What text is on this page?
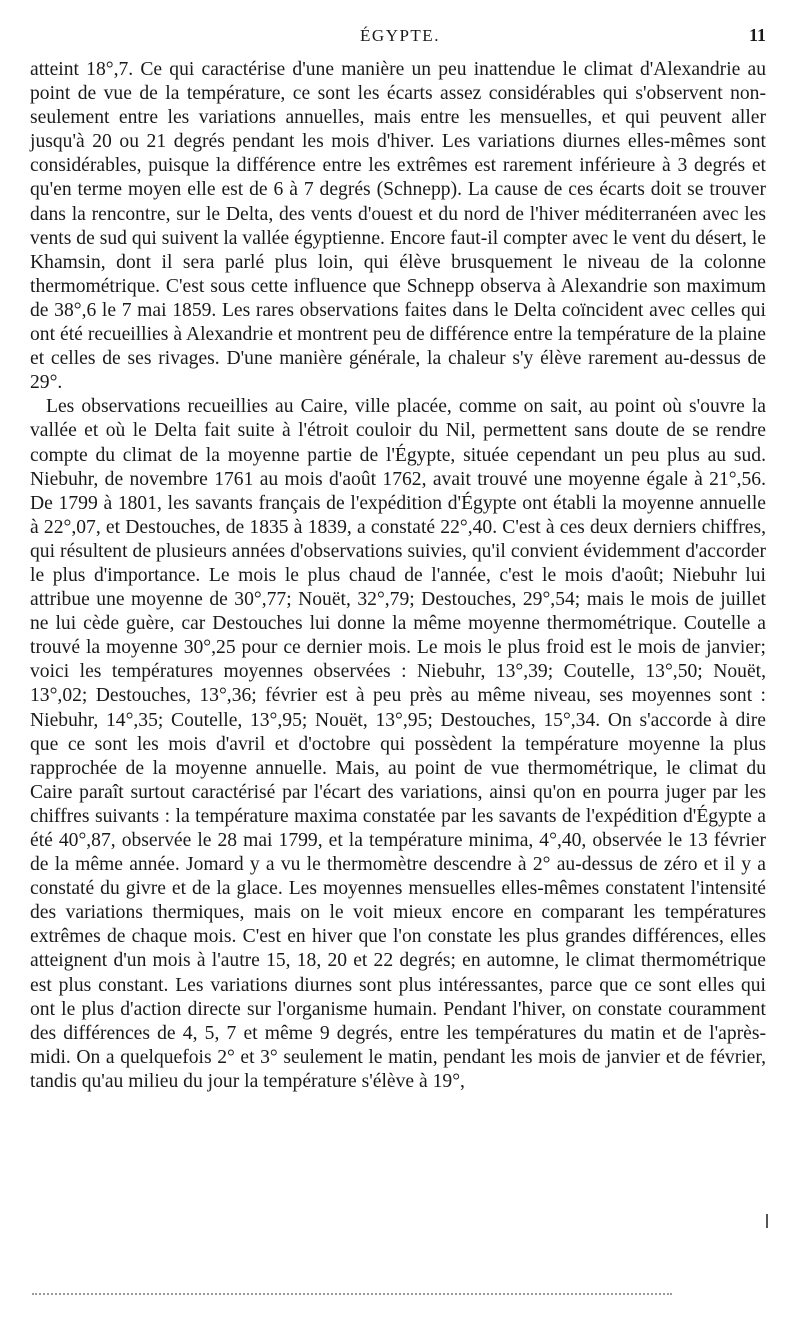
ÉGYPTE.	11

atteint 18°,7. Ce qui caractérise d'une manière un peu inattendue le climat d'Alexandrie au point de vue de la température, ce sont les écarts assez considérables qui s'observent non-seulement entre les variations annuelles, mais entre les mensuelles, et qui peuvent aller jusqu'à 20 ou 21 degrés pendant les mois d'hiver. Les variations diurnes elles-mêmes sont considérables, puisque la différence entre les extrêmes est rarement inférieure à 3 degrés et qu'en terme moyen elle est de 6 à 7 degrés (Schnepp). La cause de ces écarts doit se trouver dans la rencontre, sur le Delta, des vents d'ouest et du nord de l'hiver méditerranéen avec les vents de sud qui suivent la vallée égyptienne. Encore faut-il compter avec le vent du désert, le Khamsin, dont il sera parlé plus loin, qui élève brusquement le niveau de la colonne thermométrique. C'est sous cette influence que Schnepp observa à Alexandrie son maximum de 38°,6 le 7 mai 1859. Les rares observations faites dans le Delta coïncident avec celles qui ont été recueillies à Alexandrie et montrent peu de différence entre la température de la plaine et celles de ses rivages. D'une manière générale, la chaleur s'y élève rarement au-dessus de 29°.

Les observations recueillies au Caire, ville placée, comme on sait, au point où s'ouvre la vallée et où le Delta fait suite à l'étroit couloir du Nil, permettent sans doute de se rendre compte du climat de la moyenne partie de l'Égypte, située cependant un peu plus au sud. Niebuhr, de novembre 1761 au mois d'août 1762, avait trouvé une moyenne égale à 21°,56. De 1799 à 1801, les savants français de l'expédition d'Égypte ont établi la moyenne annuelle à 22°,07, et Destouches, de 1835 à 1839, a constaté 22°,40. C'est à ces deux derniers chiffres, qui résultent de plusieurs années d'observations suivies, qu'il convient évidemment d'accorder le plus d'importance. Le mois le plus chaud de l'année, c'est le mois d'août; Niebuhr lui attribue une moyenne de 30°,77; Nouët, 32°,79; Destouches, 29°,54; mais le mois de juillet ne lui cède guère, car Destouches lui donne la même moyenne thermométrique. Coutelle a trouvé la moyenne 30°,25 pour ce dernier mois. Le mois le plus froid est le mois de janvier; voici les températures moyennes observées : Niebuhr, 13°,39; Coutelle, 13°,50; Nouët, 13°,02; Destouches, 13°,36; février est à peu près au même niveau, ses moyennes sont : Niebuhr, 14°,35; Coutelle, 13°,95; Nouët, 13°,95; Destouches, 15°,34. On s'accorde à dire que ce sont les mois d'avril et d'octobre qui possèdent la température moyenne la plus rapprochée de la moyenne annuelle. Mais, au point de vue thermométrique, le climat du Caire paraît surtout caractérisé par l'écart des variations, ainsi qu'on en pourra juger par les chiffres suivants : la température maxima constatée par les savants de l'expédition d'Égypte a été 40°,87, observée le 28 mai 1799, et la température minima, 4°,40, observée le 13 février de la même année. Jomard y a vu le thermomètre descendre à 2° au-dessus de zéro et il y a constaté du givre et de la glace. Les moyennes mensuelles elles-mêmes constatent l'intensité des variations thermiques, mais on le voit mieux encore en comparant les températures extrêmes de chaque mois. C'est en hiver que l'on constate les plus grandes différences, elles atteignent d'un mois à l'autre 15, 18, 20 et 22 degrés; en automne, le climat thermométrique est plus constant. Les variations diurnes sont plus intéressantes, parce que ce sont elles qui ont le plus d'action directe sur l'organisme humain. Pendant l'hiver, on constate couramment des différences de 4, 5, 7 et même 9 degrés, entre les températures du matin et de l'après-midi. On a quelquefois 2° et 3° seulement le matin, pendant les mois de janvier et de février, tandis qu'au milieu du jour la température s'élève à 19°,
